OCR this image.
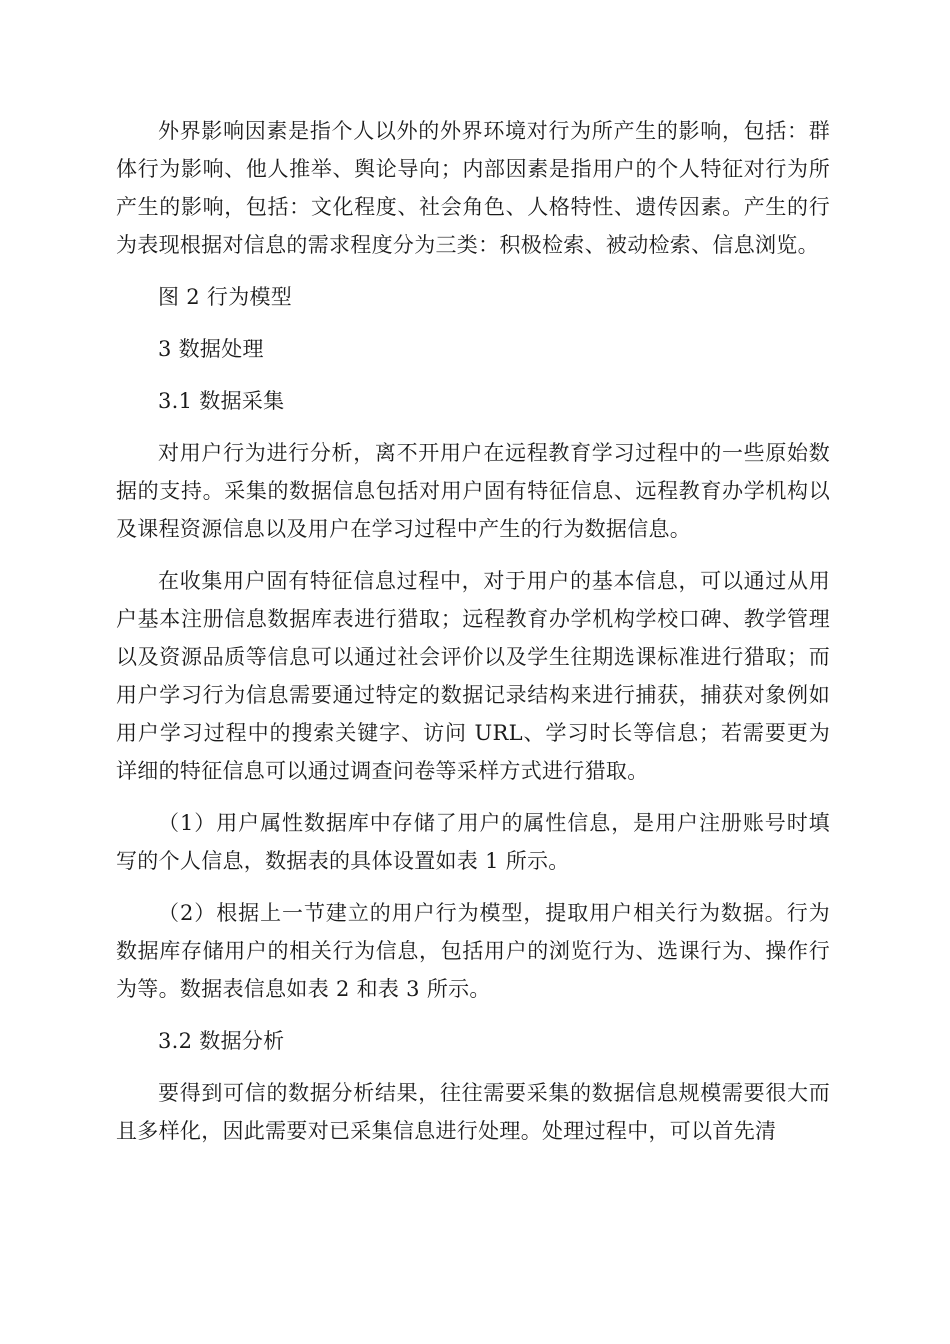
外界影响因素是指个人以外的外界环境对行为所产生的影响，包括：群体行为影响、他人推举、舆论导向；内部因素是指用户的个人特征对行为所产生的影响，包括：文化程度、社会角色、人格特性、遗传因素。产生的行为表现根据对信息的需求程度分为三类：积极检索、被动检索、信息浏览。

图 2 行为模型

3 数据处理

3.1 数据采集

对用户行为进行分析，离不开用户在远程教育学习过程中的一些原始数据的支持。采集的数据信息包括对用户固有特征信息、远程教育办学机构以及课程资源信息以及用户在学习过程中产生的行为数据信息。

在收集用户固有特征信息过程中，对于用户的基本信息，可以通过从用户基本注册信息数据库表进行猎取；远程教育办学机构学校口碑、教学管理以及资源品质等信息可以通过社会评价以及学生往期选课标准进行猎取；而用户学习行为信息需要通过特定的数据记录结构来进行捕获，捕获对象例如用户学习过程中的搜索关键字、访问 URL、学习时长等信息；若需要更为详细的特征信息可以通过调查问卷等采样方式进行猎取。

（1）用户属性数据库中存储了用户的属性信息，是用户注册账号时填写的个人信息，数据表的具体设置如表 1 所示。

（2）根据上一节建立的用户行为模型，提取用户相关行为数据。行为数据库存储用户的相关行为信息，包括用户的浏览行为、选课行为、操作行为等。数据表信息如表 2 和表 3 所示。

3.2 数据分析

要得到可信的数据分析结果，往往需要采集的数据信息规模需要很大而且多样化，因此需要对已采集信息进行处理。处理过程中，可以首先清
